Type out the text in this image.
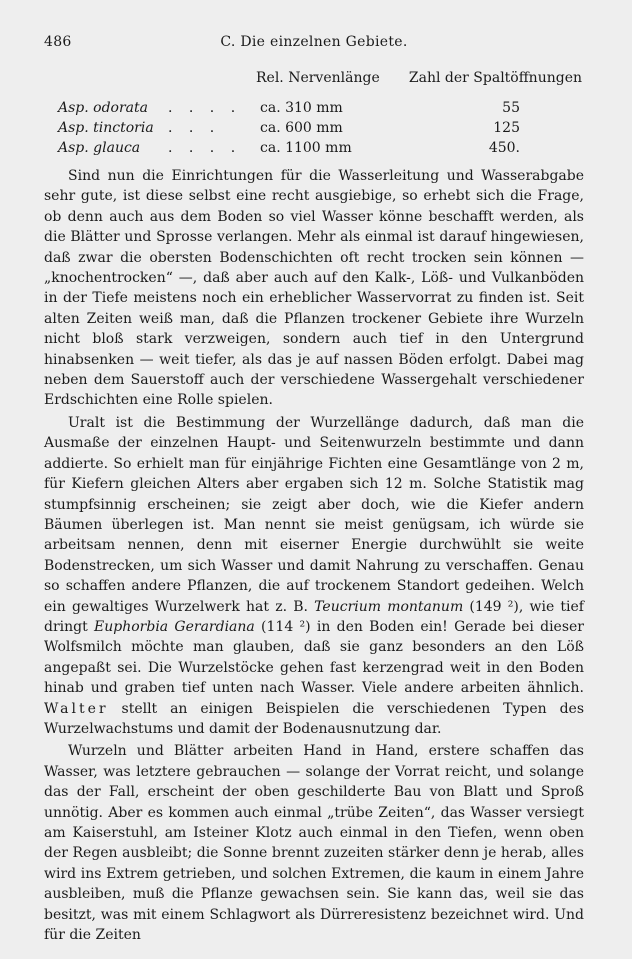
486	C. Die einzelnen Gebiete.
Rel. Nervenlänge Zahl der Spaltöffnungen
Asp. odorata . . . . ca. 310 mm	55
Asp. tinctoria . . .	ca. 600 mm	125
Asp. glauca . . . . ca. 1100 mm	450.

Sind nun die Einrichtungen für die Wasserleitung und Wasserabgabe sehr gute, ist diese selbst eine recht ausgiebige, so erhebt sich die Frage, ob denn auch aus dem Boden so viel Wasser könne beschafft werden, als die Blätter und Sprosse verlangen. Mehr als einmal ist darauf hingewiesen, daß zwar die obersten Bodenschichten oft recht trocken sein können — „knochentrocken“ —, daß aber auch auf den Kalk-, Löß- und Vulkanböden in der Tiefe meistens noch ein erheblicher Wasservorrat zu finden ist. Seit alten Zeiten weiß man, daß die Pflanzen trockener Gebiete ihre Wurzeln nicht bloß stark verzweigen, sondern auch tief in den Untergrund hinabsenken — weit tiefer, als das je auf nassen Böden erfolgt. Dabei mag neben dem Sauerstoff auch der verschiedene Wassergehalt verschiedener Erdschichten eine Rolle spielen.

Uralt ist die Bestimmung der Wurzellänge dadurch, daß man die Ausmaße der einzelnen Haupt- und Seitenwurzeln bestimmte und dann addierte. So erhielt man für einjährige Fichten eine Gesamtlänge von 2 m, für Kiefern gleichen Alters aber ergaben sich 12 m. Solche Statistik mag stumpfsinnig erscheinen; sie zeigt aber doch, wie die Kiefer andern Bäumen überlegen ist. Man nennt sie meist genügsam, ich würde sie arbeitsam nennen, denn mit eiserner Energie durchwühlt sie weite Bodenstrecken, um sich Wasser und damit Nahrung zu verschaffen. Genau so schaffen andere Pflanzen, die auf trockenem Standort gedeihen. Welch ein gewaltiges Wurzelwerk hat z. B. Teucrium montanum (149 ²), wie tief dringt Euphorbia Gerardiana (114 ²) in den Boden ein! Gerade bei dieser Wolfsmilch möchte man glauben, daß sie ganz besonders an den Löß angepaßt sei. Die Wurzelstöcke gehen fast kerzengrad weit in den Boden hinab und graben tief unten nach Wasser. Viele andere arbeiten ähnlich. Walter stellt an einigen Beispielen die verschiedenen Typen des Wurzelwachstums und damit der Bodenausnutzung dar.

Wurzeln und Blätter arbeiten Hand in Hand, erstere schaffen das Wasser, was letztere gebrauchen — solange der Vorrat reicht, und solange das der Fall, erscheint der oben geschilderte Bau von Blatt und Sproß unnötig. Aber es kommen auch einmal „trübe Zeiten“, das Wasser versiegt am Kaiserstuhl, am Isteiner Klotz auch einmal in den Tiefen, wenn oben der Regen ausbleibt; die Sonne brennt zuzeiten stärker denn je herab, alles wird ins Extrem getrieben, und solchen Extremen, die kaum in einem Jahre ausbleiben, muß die Pflanze gewachsen sein. Sie kann das, weil sie das besitzt, was mit einem Schlagwort als Dürreresistenz bezeichnet wird. Und für die Zeiten
